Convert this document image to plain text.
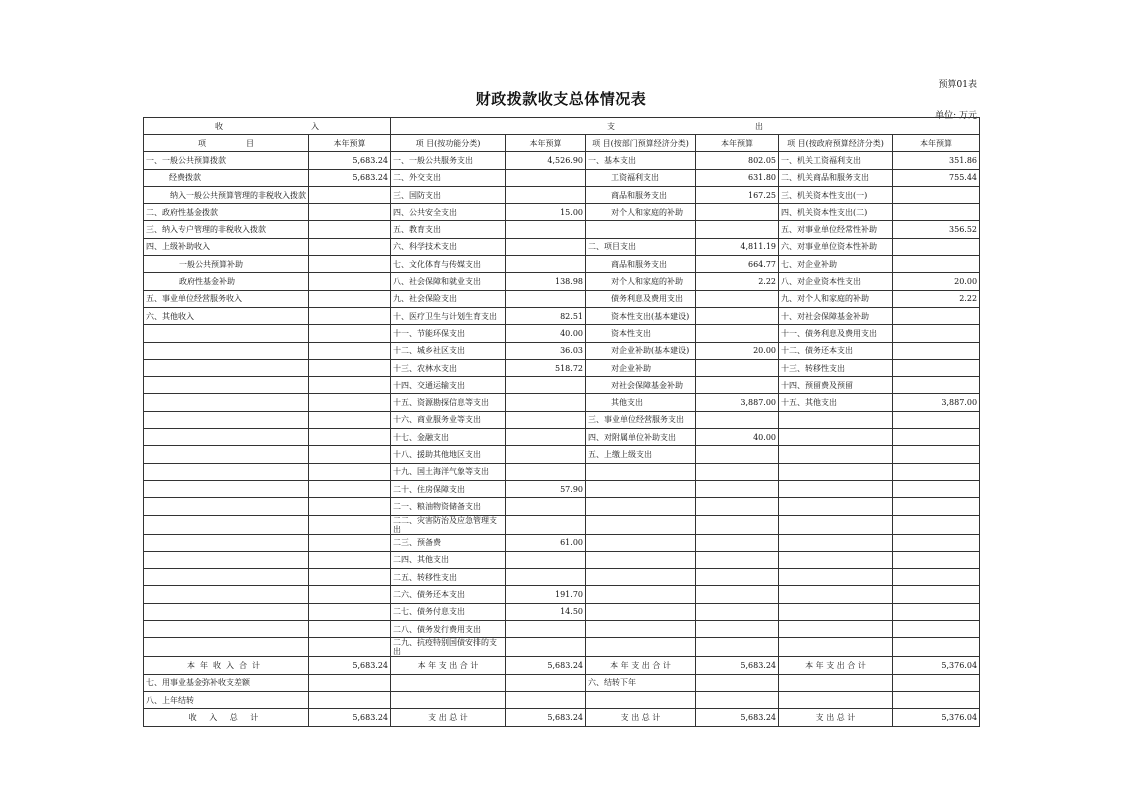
预算01表
财政拨款收支总体情况表
单位: 万元
收 入		支 出					
项 目	本年预算	项 目(按功能分类)	本年预算	项 目(按部门预算经济分类)	本年预算	项 目(按政府预算经济分类)	本年预算
一、一般公共预算拨款	5,683.24	一、一般公共服务支出	4,526.90	一、基本支出	802.05	一、机关工资福利支出	351.86
经费拨款	5,683.24	二、外交支出		工资福利支出	631.80	二、机关商品和服务支出	755.44
纳入一般公共预算管理的非税收入拨款		三、国防支出		商品和服务支出	167.25	三、机关资本性支出(一)	
二、政府性基金拨款		四、公共安全支出	15.00	对个人和家庭的补助		四、机关资本性支出(二)	
三、纳入专户管理的非税收入拨款		五、教育支出				五、对事业单位经常性补助	356.52
四、上级补助收入		六、科学技术支出		二、项目支出	4,811.19	六、对事业单位资本性补助	
一般公共预算补助		七、文化体育与传媒支出		商品和服务支出	664.77	七、对企业补助	
政府性基金补助		八、社会保障和就业支出	138.98	对个人和家庭的补助	2.22	八、对企业资本性支出	20.00
五、事业单位经营服务收入		九、社会保险支出		债务利息及费用支出		九、对个人和家庭的补助	2.22
六、其他收入		十、医疗卫生与计划生育支出	82.51	资本性支出(基本建设)		十、对社会保障基金补助	
		十一、节能环保支出	40.00	资本性支出		十一、债务利息及费用支出	
		十二、城乡社区支出	36.03	对企业补助(基本建设)	20.00	十二、债务还本支出	
		十三、农林水支出	518.72	对企业补助		十三、转移性支出	
		十四、交通运输支出		对社会保障基金补助		十四、预留费及预留	
		十五、资源勘探信息等支出		其他支出	3,887.00	十五、其他支出	3,887.00
		十六、商业服务业等支出		三、事业单位经营服务支出			
		十七、金融支出		四、对附属单位补助支出	40.00		
		十八、援助其他地区支出		五、上缴上级支出			
		十九、国土海洋气象等支出					
		二十、住房保障支出	57.90				
		二一、粮油物资储备支出					
		二二、灾害防治及应急管理支出					
		二三、预备费	61.00				
		二四、其他支出					
		二五、转移性支出					
		二六、债务还本支出	191.70				
		二七、债务付息支出	14.50				
		二八、债务发行费用支出					
		二九、抗疫特别国债安排的支出					
本年收入合计	5,683.24	本 年 支 出 合 计	5,683.24	本 年 支 出 合 计	5,683.24	本 年 支 出 合 计	5,376.04
七、用事业基金弥补收支差额				六、结转下年			
八、上年结转							
收 入 总 计	5,683.24	支 出 总 计	5,683.24	支 出 总 计	5,683.24	支 出 总 计	5,376.04
